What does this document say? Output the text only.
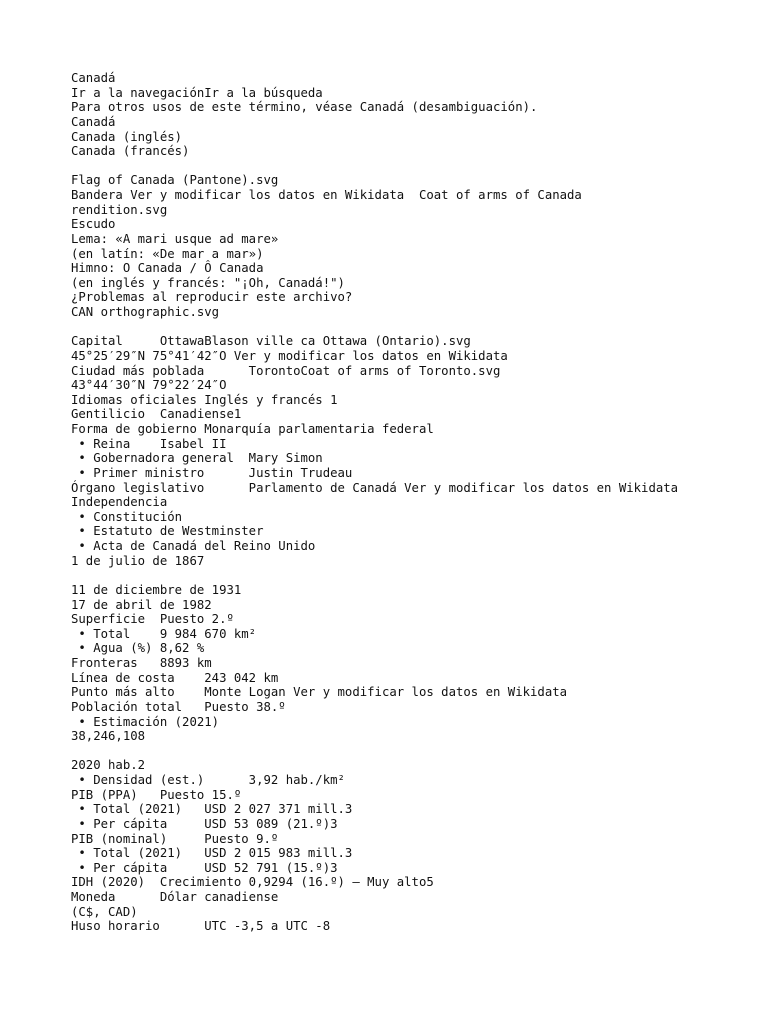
Canadá
Ir a la navegaciónIr a la búsqueda
Para otros usos de este término, véase Canadá (desambiguación).
Canadá
Canada (inglés)
Canada (francés)
Flag of Canada (Pantone).svg
Bandera Ver y modificar los datos en Wikidata  Coat of arms of Canada
rendition.svg
Escudo
Lema: «A mari usque ad mare»
(en latín: «De mar a mar»)
Himno: O Canada / Ô Canada
(en inglés y francés: "¡Oh, Canadá!")
¿Problemas al reproducir este archivo?
CAN orthographic.svg
Capital     OttawaBlason ville ca Ottawa (Ontario).svg
45°25′29″N 75°41′42″O Ver y modificar los datos en Wikidata
Ciudad más poblada      TorontoCoat of arms of Toronto.svg
43°44′30″N 79°22′24″O
Idiomas oficiales Inglés y francés 1
Gentilicio  Canadiense1
Forma de gobierno Monarquía parlamentaria federal
• Reina    Isabel II
• Gobernadora general  Mary Simon
• Primer ministro      Justin Trudeau
Órgano legislativo      Parlamento de Canadá Ver y modificar los datos en Wikidata
Independencia
• Constitución
• Estatuto de Westminster
• Acta de Canadá del Reino Unido
1 de julio de 1867
11 de diciembre de 1931
17 de abril de 1982
Superficie  Puesto 2.º
• Total    9 984 670 km²
• Agua (%) 8,62 %
Fronteras   8893 km
Línea de costa    243 042 km
Punto más alto    Monte Logan Ver y modificar los datos en Wikidata
Población total   Puesto 38.º
• Estimación (2021)
38,246,108
2020 hab.2
• Densidad (est.)      3,92 hab./km²
PIB (PPA)   Puesto 15.º
• Total (2021)   USD 2 027 371 mill.3
• Per cápita     USD 53 089 (21.º)3
PIB (nominal)     Puesto 9.º
• Total (2021)   USD 2 015 983 mill.3
• Per cápita     USD 52 791 (15.º)3
IDH (2020)  Crecimiento 0,9294 (16.º) – Muy alto5
Moneda      Dólar canadiense
(C$, CAD)
Huso horario      UTC -3,5 a UTC -8
